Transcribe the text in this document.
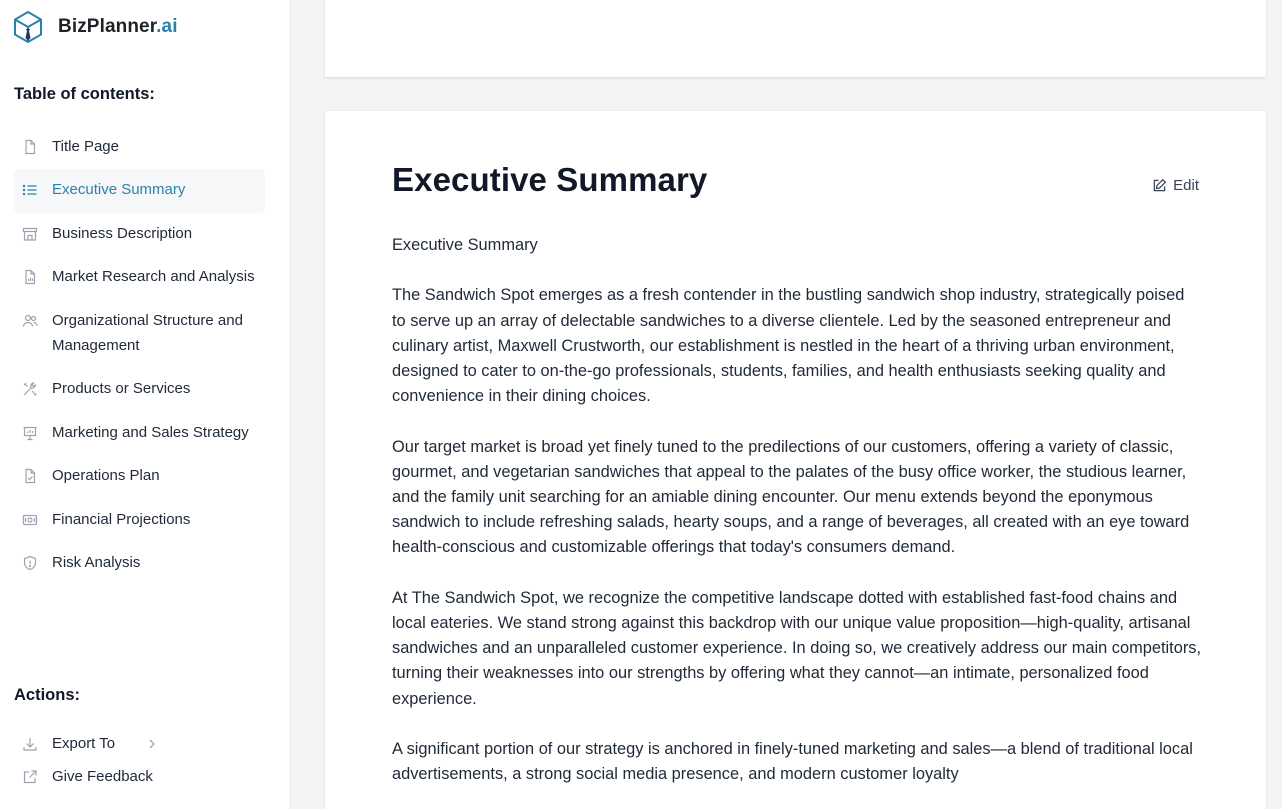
BizPlanner.ai
Table of contents:
Title Page
Executive Summary
Business Description
Market Research and Analysis
Organizational Structure and Management
Products or Services
Marketing and Sales Strategy
Operations Plan
Financial Projections
Risk Analysis
Actions:
Export To
Give Feedback
Executive Summary	Edit

Executive Summary

The Sandwich Spot emerges as a fresh contender in the bustling sandwich shop industry, strategically poised to serve up an array of delectable sandwiches to a diverse clientele. Led by the seasoned entrepreneur and culinary artist, Maxwell Crustworth, our establishment is nestled in the heart of a thriving urban environment, designed to cater to on-the-go professionals, students, families, and health enthusiasts seeking quality and convenience in their dining choices.

Our target market is broad yet finely tuned to the predilections of our customers, offering a variety of classic, gourmet, and vegetarian sandwiches that appeal to the palates of the busy office worker, the studious learner, and the family unit searching for an amiable dining encounter. Our menu extends beyond the eponymous sandwich to include refreshing salads, hearty soups, and a range of beverages, all created with an eye toward health-conscious and customizable offerings that today's consumers demand.

At The Sandwich Spot, we recognize the competitive landscape dotted with established fast-food chains and local eateries. We stand strong against this backdrop with our unique value proposition—high-quality, artisanal sandwiches and an unparalleled customer experience. In doing so, we creatively address our main competitors, turning their weaknesses into our strengths by offering what they cannot—an intimate, personalized food experience.

A significant portion of our strategy is anchored in finely-tuned marketing and sales—a blend of traditional local advertisements, a strong social media presence, and modern customer loyalty
